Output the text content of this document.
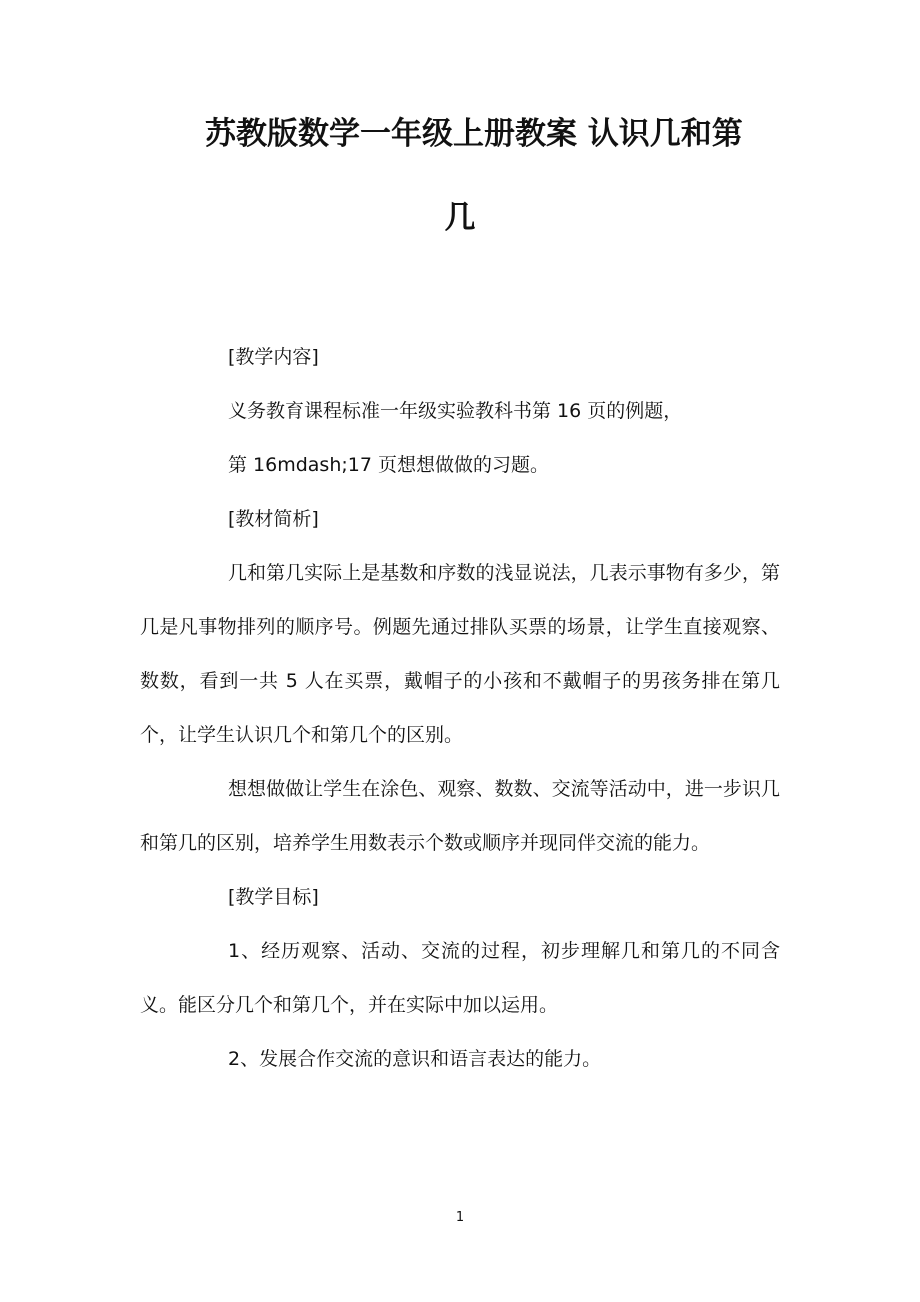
苏教版数学一年级上册教案 认识几和第
几

[教学内容]

义务教育课程标准一年级实验教科书第 16 页的例题，

第 16mdash;17 页想想做做的习题。

[教材简析]

几和第几实际上是基数和序数的浅显说法，几表示事物有多少，第几是凡事物排列的顺序号。例题先通过排队买票的场景，让学生直接观察、数数，看到一共 5 人在买票，戴帽子的小孩和不戴帽子的男孩务排在第几个，让学生认识几个和第几个的区别。

想想做做让学生在涂色、观察、数数、交流等活动中，进一步识几和第几的区别，培养学生用数表示个数或顺序并现同伴交流的能力。

[教学目标]

1、经历观察、活动、交流的过程，初步理解几和第几的不同含义。能区分几个和第几个，并在实际中加以运用。

2、发展合作交流的意识和语言表达的能力。

1
